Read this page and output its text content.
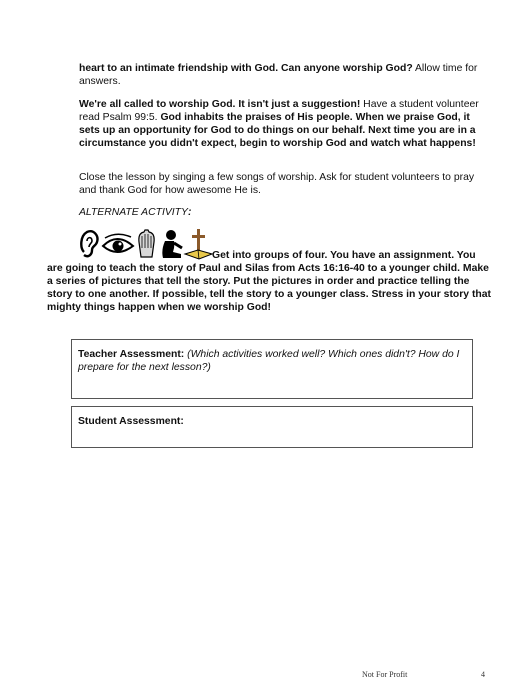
heart to an intimate friendship with God. Can anyone worship God? Allow time for answers.

We're all called to worship God. It isn't just a suggestion! Have a student volunteer read Psalm 99:5. God inhabits the praises of His people. When we praise God, it sets up an opportunity for God to do things on our behalf. Next time you are in a circumstance you didn't expect, begin to worship God and watch what happens!

Close the lesson by singing a few songs of worship. Ask for student volunteers to pray and thank God for how awesome He is.

ALTERNATE ACTIVITY:

Get into groups of four. You have an assignment. You

are going to teach the story of Paul and Silas from Acts 16:16-40 to a younger child. Make a series of pictures that tell the story. Put the pictures in order and practice telling the story to one another. If possible, tell the story to a younger class. Stress in your story that mighty things happen when we worship God!

Teacher Assessment: (Which activities worked well? Which ones didn't? How do I prepare for the next lesson?)
Student Assessment:
Not For Profit	4
